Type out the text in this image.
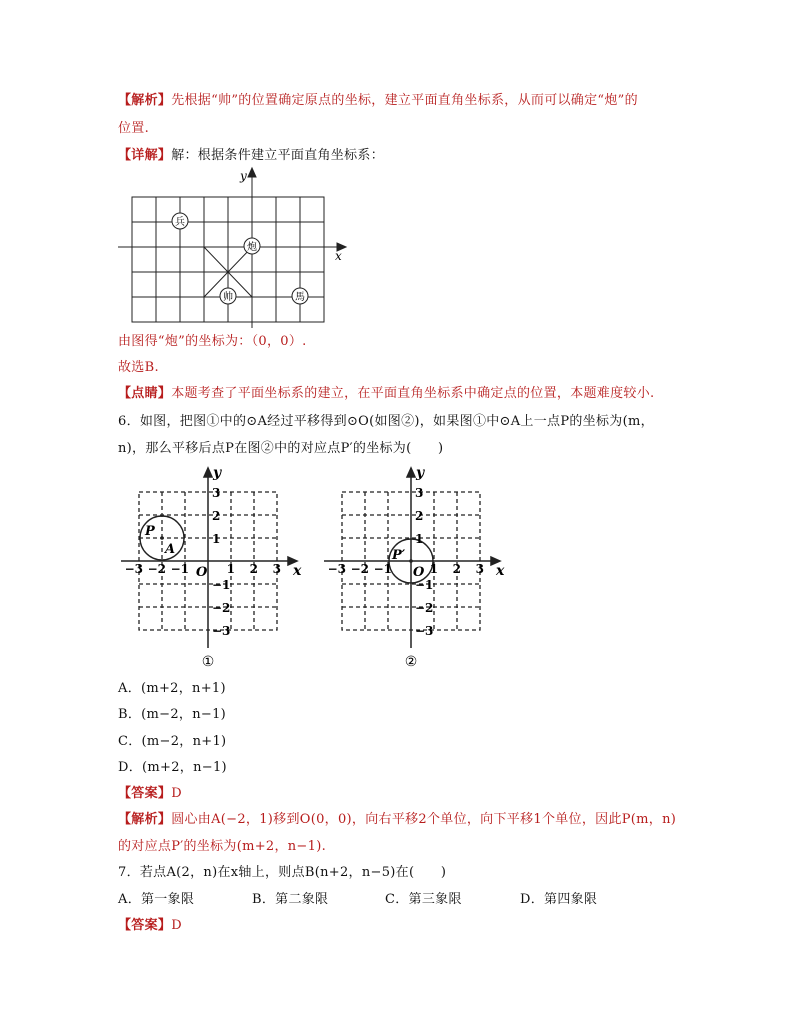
【解析】先根据“帅”的位置确定原点的坐标，建立平面直角坐标系，从而可以确定“炮”的
位置.
【详解】解：根据条件建立平面直角坐标系：
x
y
兵
炮
帅	馬
由图得“炮”的坐标为：（0，0）.
故选B.
【点睛】本题考查了平面坐标系的建立，在平面直角坐标系中确定点的位置，本题难度较小.
6．如图，把图①中的⊙A经过平移得到⊙O(如图②)，如果图①中⊙A上一点P的坐标为(m，
n)，那么平移后点P在图②中的对应点P′的坐标为(　　)
−3 −2 −1	1 2 3
3
2
1
−1
−2
−3
x
y
O
P
A
①
−3 −2 −1	1 2 3
3
2
1
−1
−2
−3
x
y
O
P′
②
A．(m+2，n+1)
B．(m−2，n−1)
C．(m−2，n+1)
D．(m+2，n−1)
【答案】D
【解析】圆心由A(−2，1)移到O(0，0)，向右平移2个单位，向下平移1个单位，因此P(m，n)
的对应点P′的坐标为(m+2，n−1).
7．若点A(2，n)在x轴上，则点B(n+2，n−5)在(　　)
A．第一象限	B．第二象限	C．第三象限	D．第四象限
【答案】D
